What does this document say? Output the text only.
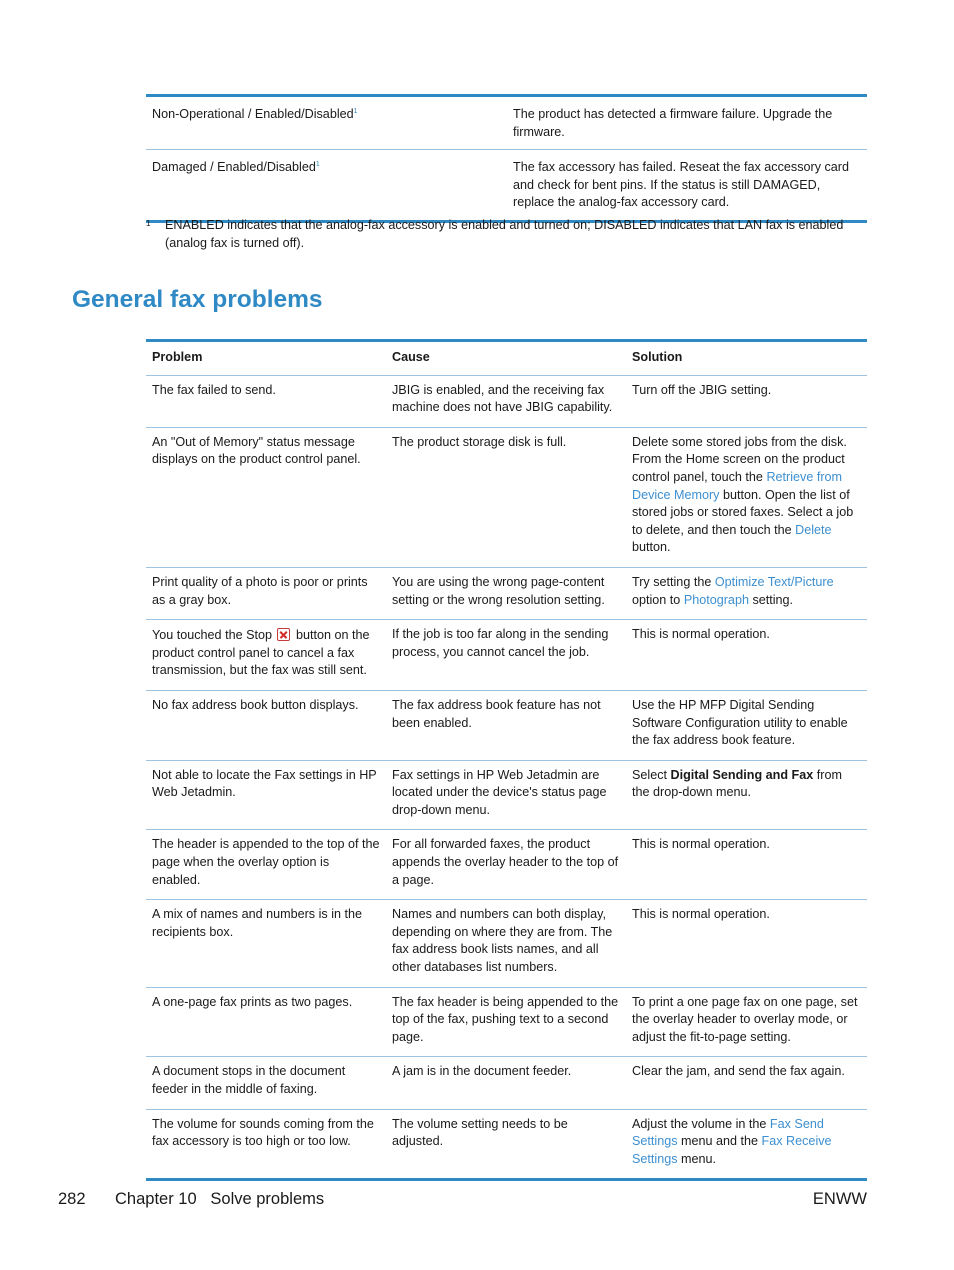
Non-Operational / Enabled/Disabled$^1$	The product has detected a firmware failure. Upgrade the firmware.
Damaged / Enabled/Disabled$^1$	The fax accessory has failed. Reseat the fax accessory card and check for bent pins. If the status is still DAMAGED, replace the analog-fax accessory card.
1 ENABLED indicates that the analog-fax accessory is enabled and turned on; DISABLED indicates that LAN fax is enabled (analog fax is turned off).
General fax problems
Problem	Cause	Solution
The fax failed to send.	JBIG is enabled, and the receiving fax machine does not have JBIG capability.	Turn off the JBIG setting.
An "Out of Memory" status message displays on the product control panel.	The product storage disk is full.	Delete some stored jobs from the disk. From the Home screen on the product control panel, touch the Retrieve from Device Memory button. Open the list of stored jobs or stored faxes. Select a job to delete, and then touch the Delete button.
Print quality of a photo is poor or prints as a gray box.	You are using the wrong page-content setting or the wrong resolution setting.	Try setting the Optimize Text/Picture option to Photograph setting.
You touched the Stop  button on the product control panel to cancel a fax transmission, but the fax was still sent.	If the job is too far along in the sending process, you cannot cancel the job.	This is normal operation.
No fax address book button displays.	The fax address book feature has not been enabled.	Use the HP MFP Digital Sending Software Configuration utility to enable the fax address book feature.
Not able to locate the Fax settings in HP Web Jetadmin.	Fax settings in HP Web Jetadmin are located under the device's status page drop-down menu.	Select Digital Sending and Fax from the drop-down menu.
The header is appended to the top of the page when the overlay option is enabled.	For all forwarded faxes, the product appends the overlay header to the top of a page.	This is normal operation.
A mix of names and numbers is in the recipients box.	Names and numbers can both display, depending on where they are from. The fax address book lists names, and all other databases list numbers.	This is normal operation.
A one-page fax prints as two pages.	The fax header is being appended to the top of the fax, pushing text to a second page.	To print a one page fax on one page, set the overlay header to overlay mode, or adjust the fit-to-page setting.
A document stops in the document feeder in the middle of faxing.	A jam is in the document feeder.	Clear the jam, and send the fax again.
The volume for sounds coming from the fax accessory is too high or too low.	The volume setting needs to be adjusted.	Adjust the volume in the Fax Send Settings menu and the Fax Receive Settings menu.
282 Chapter 10   Solve problems	ENWW
